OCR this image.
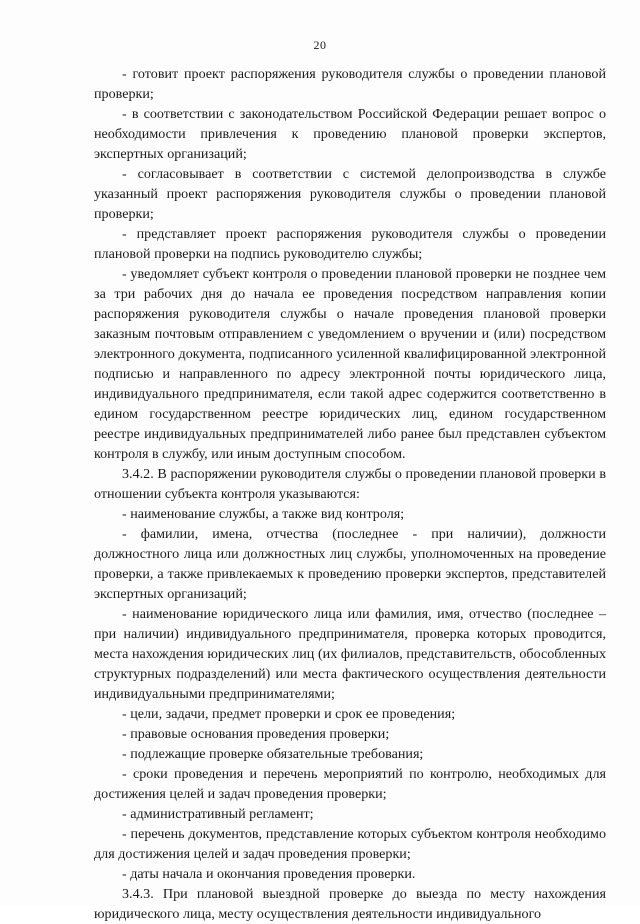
20

- готовит проект распоряжения руководителя службы о проведении плановой проверки;

- в соответствии с законодательством Российской Федерации решает вопрос о необходимости привлечения к проведению плановой проверки экспертов, экспертных организаций;

- согласовывает в соответствии с системой делопроизводства в службе указанный проект распоряжения руководителя службы о проведении плановой проверки;

- представляет проект распоряжения руководителя службы о проведении плановой проверки на подпись руководителю службы;

- уведомляет субъект контроля о проведении плановой проверки не позднее чем за три рабочих дня до начала ее проведения посредством направления копии распоряжения руководителя службы о начале проведения плановой проверки заказным почтовым отправлением с уведомлением о вручении и (или) посредством электронного документа, подписанного усиленной квалифицированной электронной подписью и направленного по адресу электронной почты юридического лица, индивидуального предпринимателя, если такой адрес содержится соответственно в едином государственном реестре юридических лиц, едином государственном реестре индивидуальных предпринимателей либо ранее был представлен субъектом контроля в службу, или иным доступным способом.

3.4.2. В распоряжении руководителя службы о проведении плановой проверки в отношении субъекта контроля указываются:

- наименование службы, а также вид контроля;

- фамилии, имена, отчества (последнее - при наличии), должности должностного лица или должностных лиц службы, уполномоченных на проведение проверки, а также привлекаемых к проведению проверки экспертов, представителей экспертных организаций;

- наименование юридического лица или фамилия, имя, отчество (последнее – при наличии) индивидуального предпринимателя, проверка которых проводится, места нахождения юридических лиц (их филиалов, представительств, обособленных структурных подразделений) или места фактического осуществления деятельности индивидуальными предпринимателями;

- цели, задачи, предмет проверки и срок ее проведения;

- правовые основания проведения проверки;

- подлежащие проверке обязательные требования;

- сроки проведения и перечень мероприятий по контролю, необходимых для достижения целей и задач проведения проверки;

- административный регламент;

- перечень документов, представление которых субъектом контроля необходимо для достижения целей и задач проведения проверки;

- даты начала и окончания проведения проверки.

3.4.3. При плановой выездной проверке до выезда по месту нахождения юридического лица, месту осуществления деятельности индивидуального
